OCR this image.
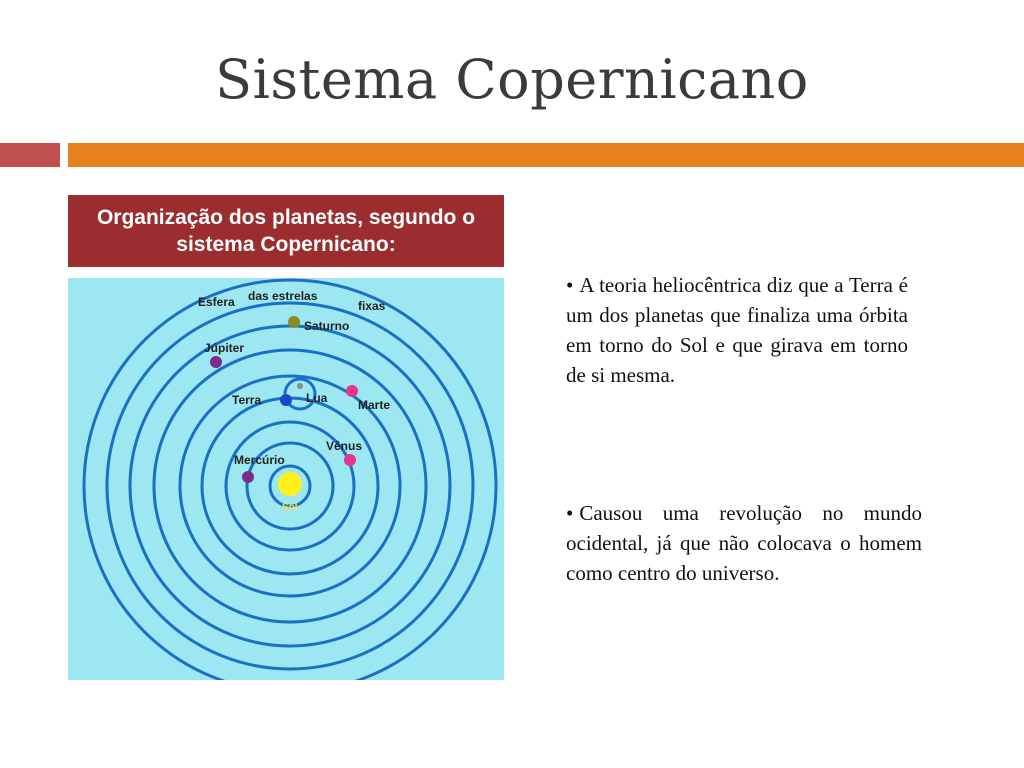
Sistema Copernicano
Organização dos planetas, segundo o sistema Copernicano:
Esfera das estrelas
fixas
Saturno
Júpiter
Terra	Lua	Marte
Vênus
Mercúrio
Sol
• A teoria heliocêntrica diz que a Terra é um dos planetas que finaliza uma órbita em torno do Sol e que girava em torno de si mesma.
• Causou uma revolução no mundo ocidental, já que não colocava o homem como centro do universo.
